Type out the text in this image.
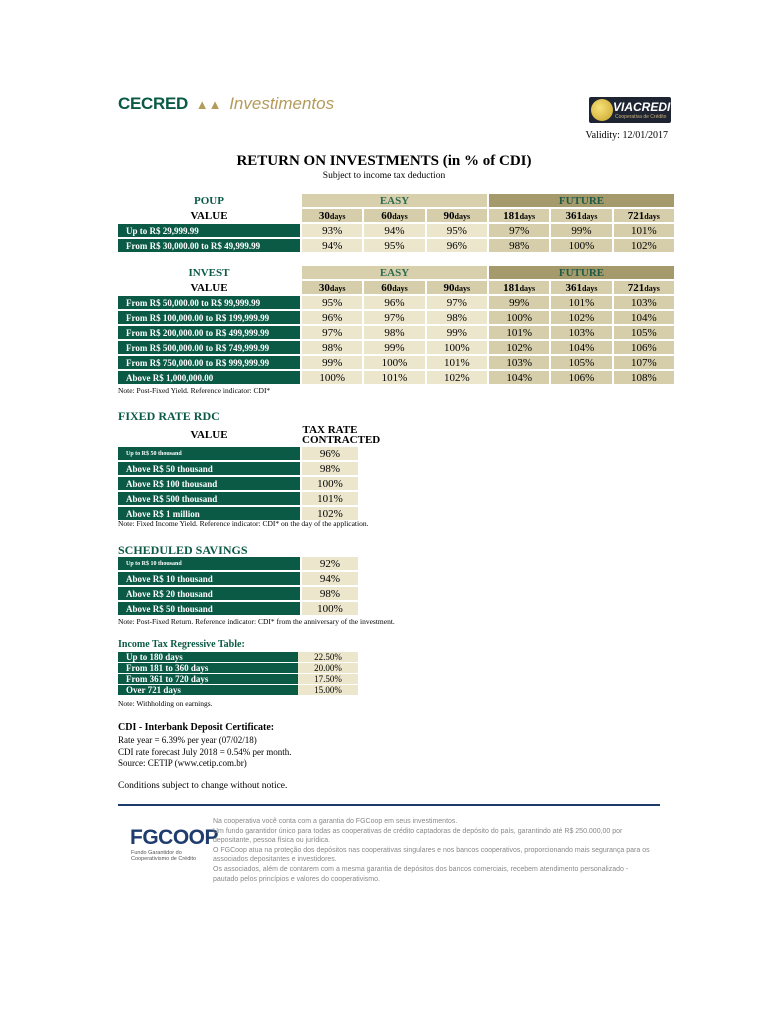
CECRED ▲▲ Investimentos	VIACREDI
Cooperativa de Crédito
Validity: 12/01/2017
RETURN ON INVESTMENTS (in % of CDI)
Subject to income tax deduction
POUP	EASY			FUTURE		
VALUE	30days	60days	90days	181days	361days	721days
Up to R$ 29,999.99	93%	94%	95%	97%	99%	101%
From R$ 30,000.00 to R$ 49,999.99	94%	95%	96%	98%	100%	102%
INVEST	EASY			FUTURE		
VALUE	30days	60days	90days	181days	361days	721days
From R$ 50,000.00 to R$ 99,999.99	95%	96%	97%	99%	101%	103%
From R$ 100,000.00 to R$ 199,999.99	96%	97%	98%	100%	102%	104%
From R$ 200,000.00 to R$ 499,999.99	97%	98%	99%	101%	103%	105%
From R$ 500,000.00 to R$ 749,999.99	98%	99%	100%	102%	104%	106%
From R$ 750,000.00 to R$ 999,999.99	99%	100%	101%	103%	105%	107%
Above R$ 1,000,000.00	100%	101%	102%	104%	106%	108%
Note: Post-Fixed Yield. Reference indicator: CDI*
FIXED RATE RDC
VALUE	TAX RATE
CONTRACTED
Up to R$ 50 thousand	96%
Above R$ 50 thousand	98%
Above R$ 100 thousand	100%
Above R$ 500 thousand	101%
Above R$ 1 million	102%
Note: Fixed Income Yield. Reference indicator: CDI* on the day of the application.
SCHEDULED SAVINGS
Up to R$ 10 thousand	92%
Above R$ 10 thousand	94%
Above R$ 20 thousand	98%
Above R$ 50 thousand	100%
Note: Post-Fixed Return. Reference indicator: CDI* from the anniversary of the investment.
Income Tax Regressive Table:
Up to 180 days	22.50%
From 181 to 360 days	20.00%
From 361 to 720 days	17.50%
Over 721 days	15.00%
Note: Withholding on earnings.
CDI - Interbank Deposit Certificate:
Rate year = 6.39% per year (07/02/18)
CDI rate forecast July 2018 = 0.54% per month.
Source: CETIP (www.cetip.com.br)
Conditions subject to change without notice.
FGCOOP
Fundo Garantidor do Cooperativismo de Crédito

Na cooperativa você conta com a garantia do FGCoop em seus investimentos.

Um fundo garantidor único para todas as cooperativas de crédito captadoras de depósito do país, garantindo até R$ 250.000,00 por depositante, pessoa física ou jurídica.

O FGCoop atua na proteção dos depósitos nas cooperativas singulares e nos bancos cooperativos, proporcionando mais segurança para os associados depositantes e investidores.

Os associados, além de contarem com a mesma garantia de depósitos dos bancos comerciais, recebem atendimento personalizado - pautado pelos princípios e valores do cooperativismo.
